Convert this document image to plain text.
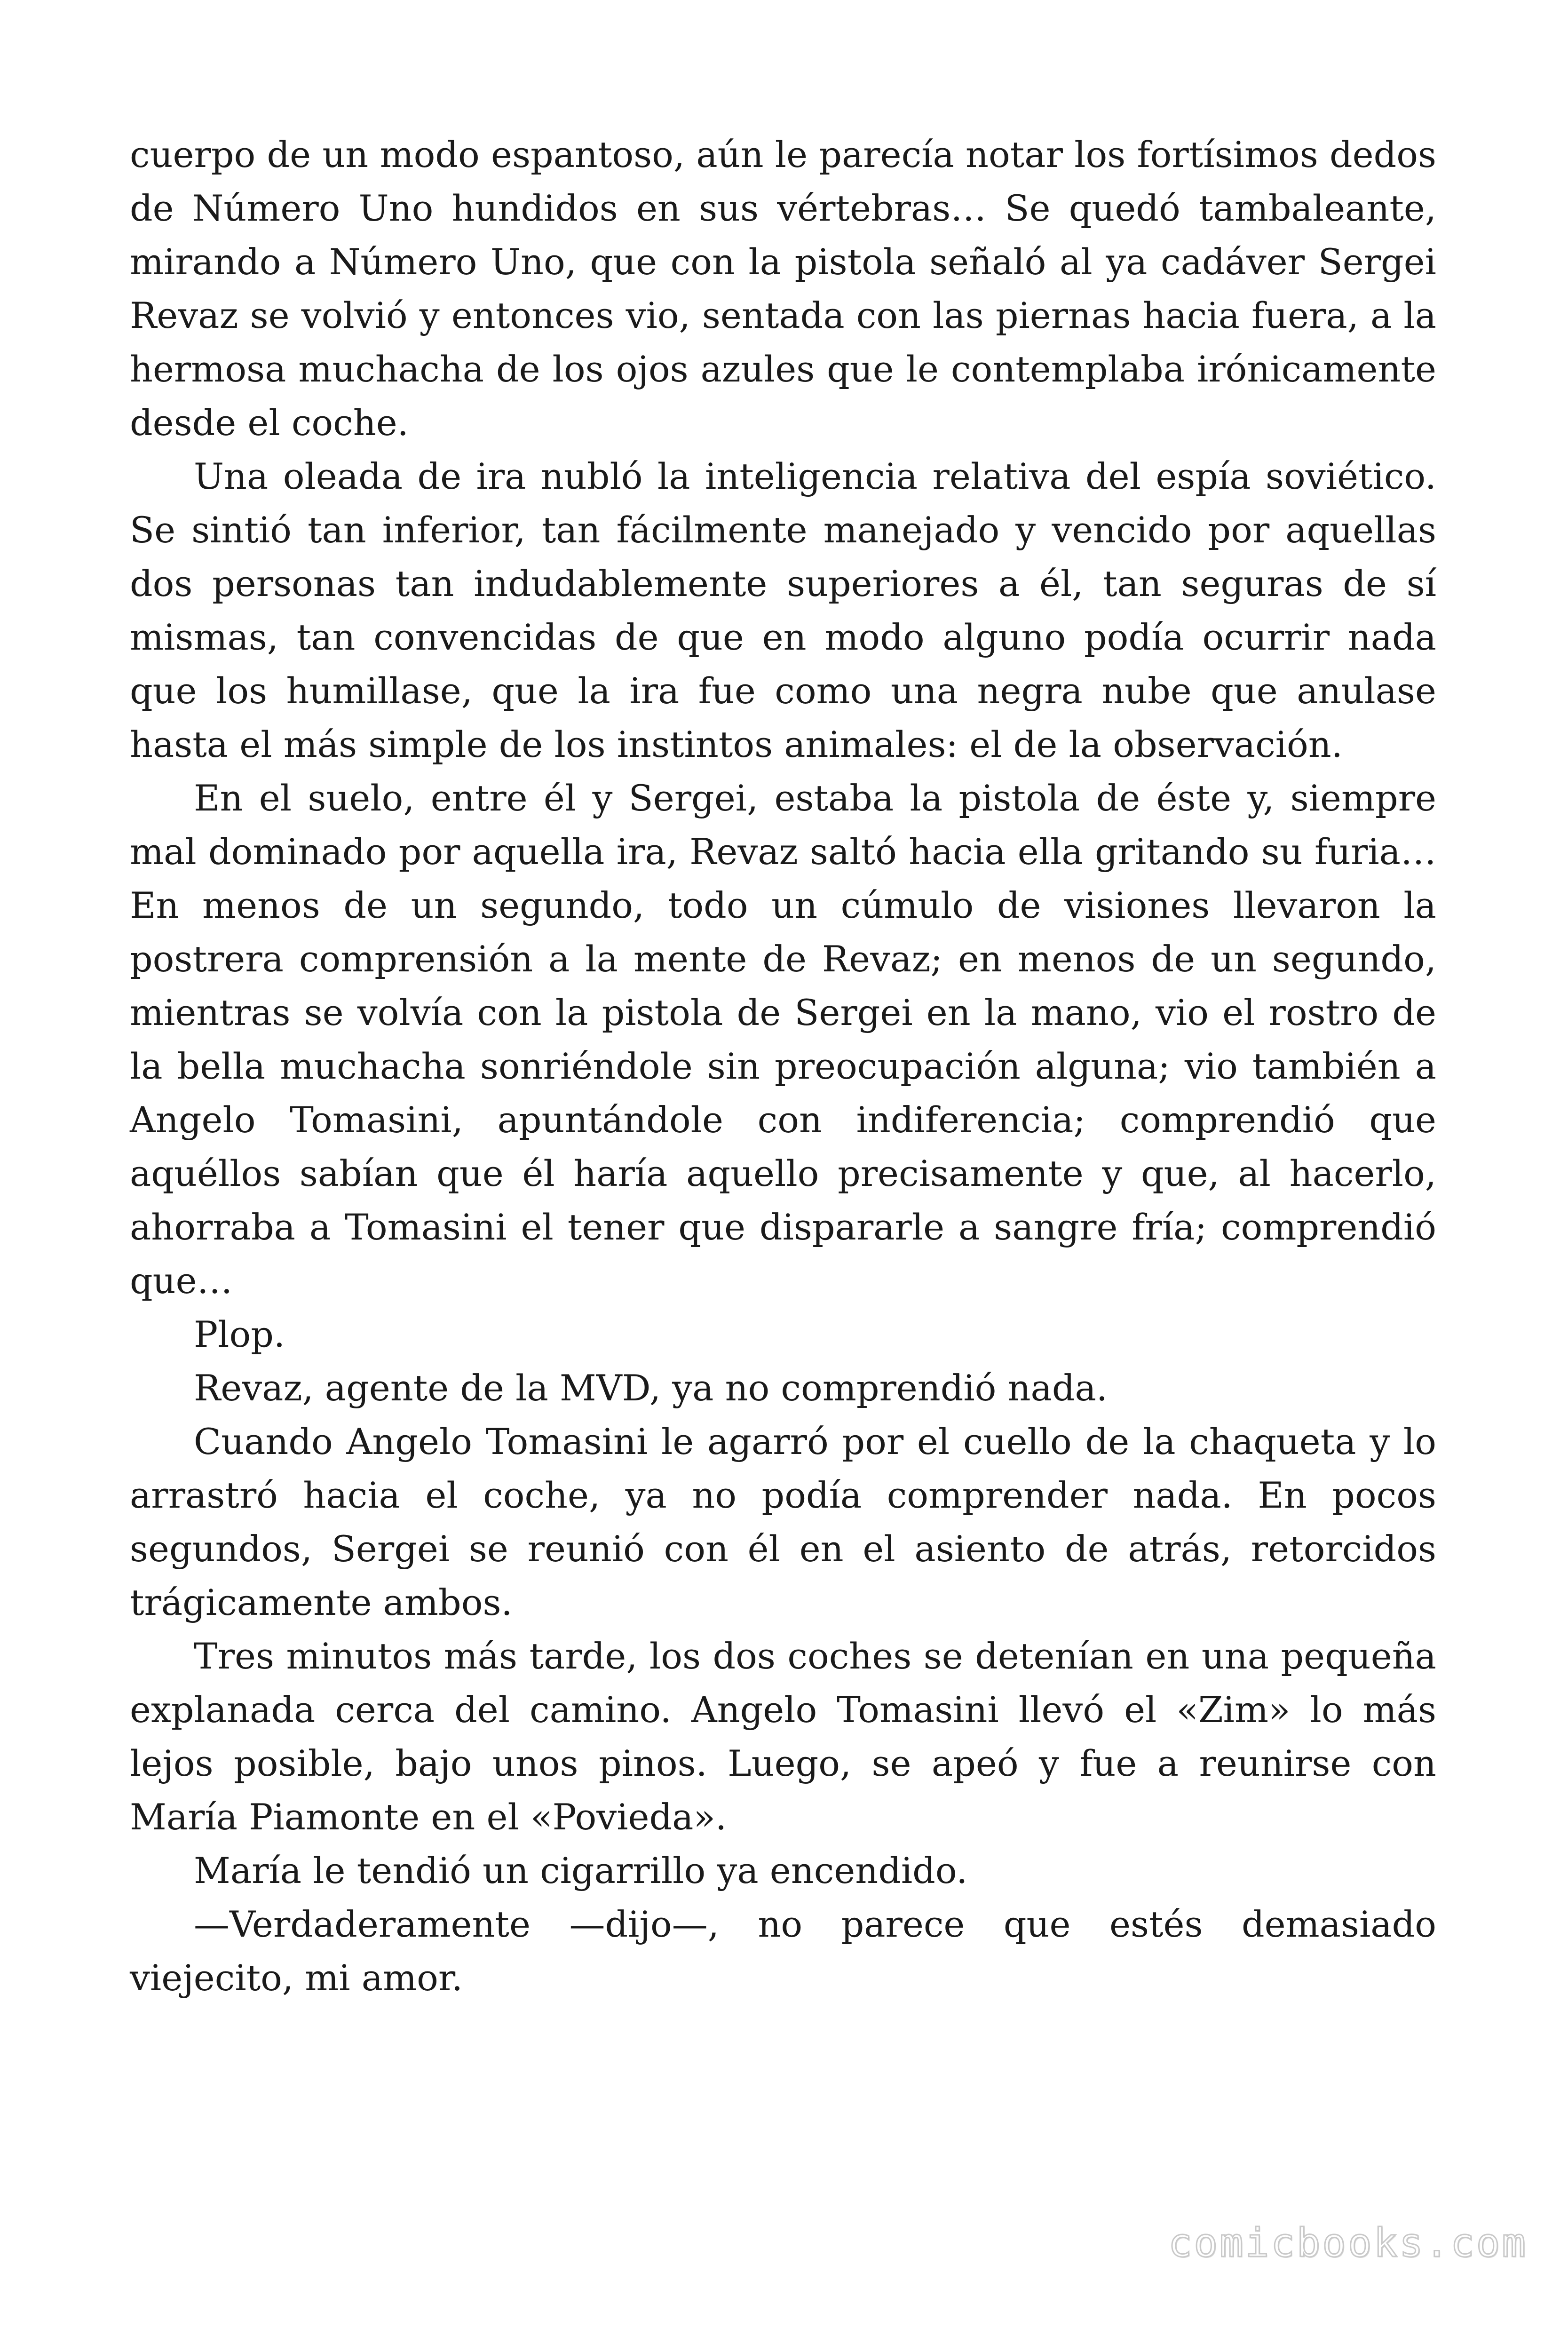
cuerpo de un modo espantoso, aún le parecía notar los fortísimos dedos de Número Uno hundidos en sus vértebras… Se quedó tambaleante, mirando a Número Uno, que con la pistola señaló al ya cadáver Sergei Revaz se volvió y entonces vio, sentada con las piernas hacia fuera, a la hermosa muchacha de los ojos azules que le contemplaba irónicamente desde el coche.

Una oleada de ira nubló la inteligencia relativa del espía soviético. Se sintió tan inferior, tan fácilmente manejado y vencido por aquellas dos personas tan indudablemente superiores a él, tan seguras de sí mismas, tan convencidas de que en modo alguno podía ocurrir nada que los humillase, que la ira fue como una negra nube que anulase hasta el más simple de los instintos animales: el de la observación.

En el suelo, entre él y Sergei, estaba la pistola de éste y, siempre mal dominado por aquella ira, Revaz saltó hacia ella gritando su furia… En menos de un segundo, todo un cúmulo de visiones llevaron la postrera comprensión a la mente de Revaz; en menos de un segundo, mientras se volvía con la pistola de Sergei en la mano, vio el rostro de la bella muchacha sonriéndole sin preocupación alguna; vio también a Angelo Tomasini, apuntándole con indiferencia; comprendió que aquéllos sabían que él haría aquello precisamente y que, al hacerlo, ahorraba a Tomasini el tener que dispararle a sangre fría; comprendió que…

Plop.

Revaz, agente de la MVD, ya no comprendió nada.

Cuando Angelo Tomasini le agarró por el cuello de la chaqueta y lo arrastró hacia el coche, ya no podía comprender nada. En pocos segundos, Sergei se reunió con él en el asiento de atrás, retorcidos trágicamente ambos.

Tres minutos más tarde, los dos coches se detenían en una pequeña explanada cerca del camino. Angelo Tomasini llevó el «Zim» lo más lejos posible, bajo unos pinos. Luego, se apeó y fue a reunirse con María Piamonte en el «Povieda».

María le tendió un cigarrillo ya encendido.

—Verdaderamente —dijo—, no parece que estés demasiado viejecito, mi amor.

comicbooks.com
